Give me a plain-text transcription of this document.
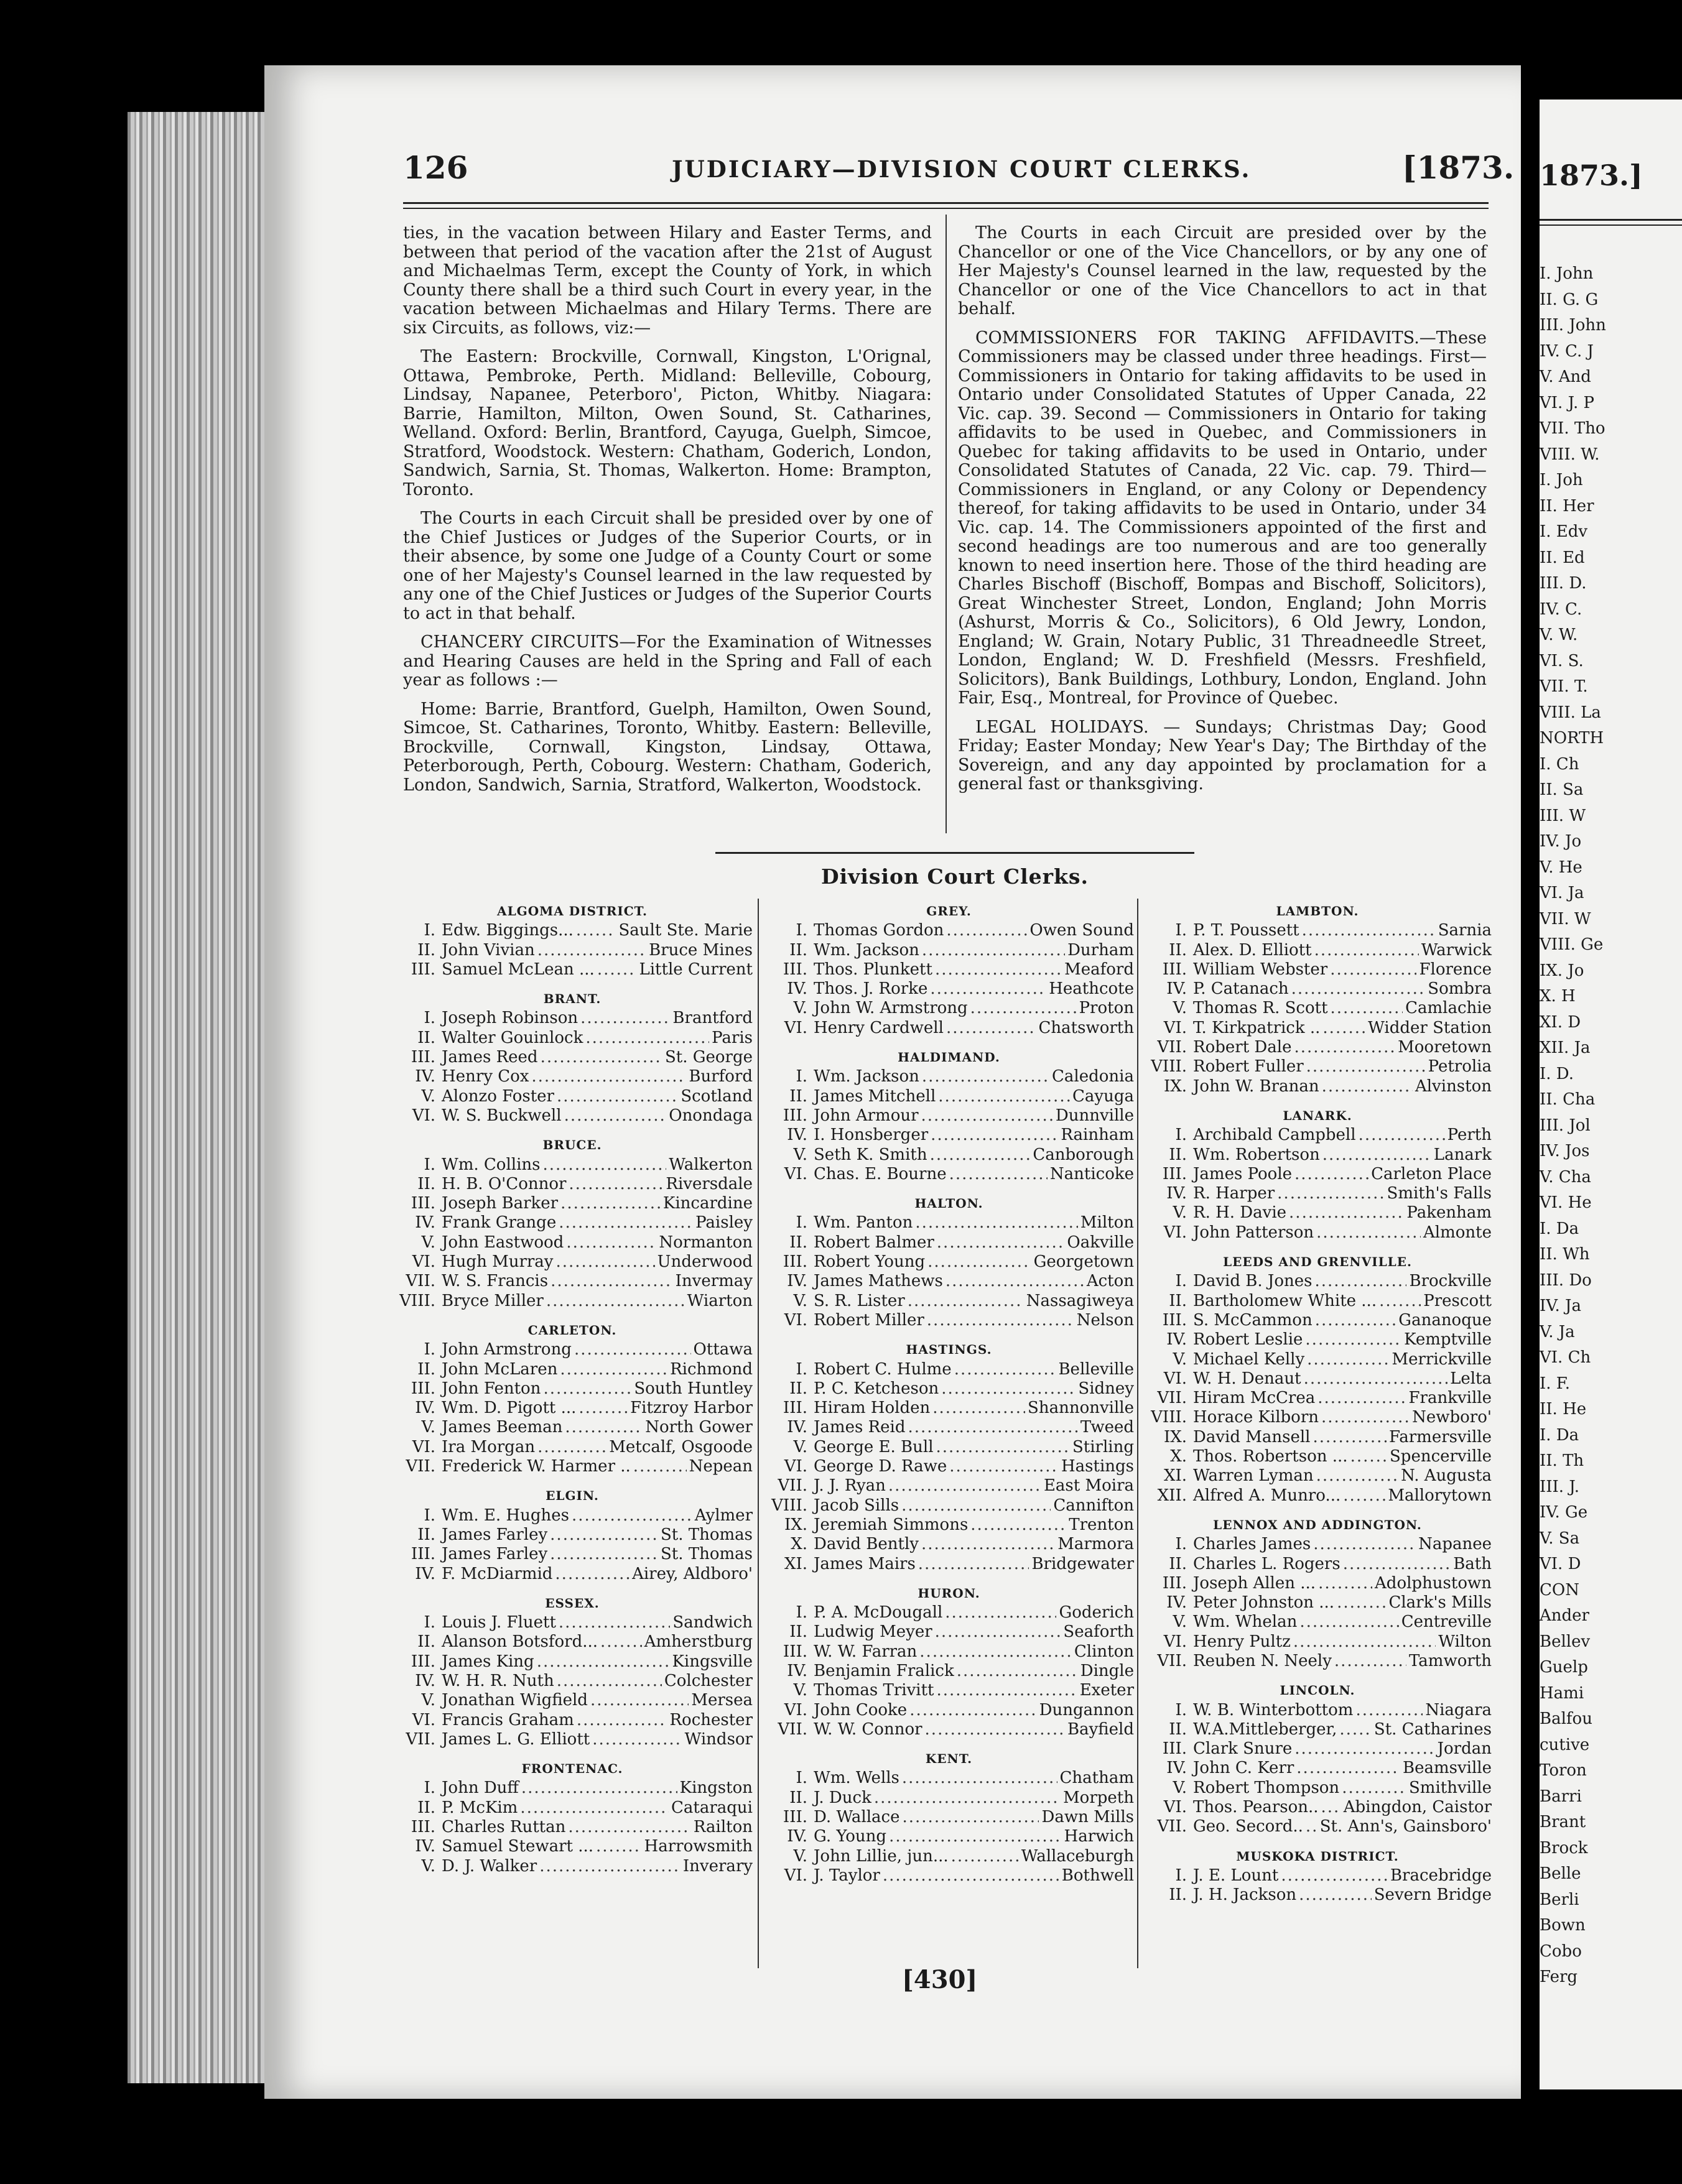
126	JUDICIARY—DIVISION COURT CLERKS.	[1873.

ties, in the vacation between Hilary and Easter Terms, and between that period of the vacation after the 21st of August and Michaelmas Term, except the County of York, in which County there shall be a third such Court in every year, in the vacation between Michaelmas and Hilary Terms. There are six Circuits, as follows, viz:—

The Eastern: Brockville, Cornwall, Kingston, L'Orignal, Ottawa, Pembroke, Perth. Midland: Belleville, Cobourg, Lindsay, Napanee, Peterboro', Picton, Whitby. Niagara: Barrie, Hamilton, Milton, Owen Sound, St. Catharines, Welland. Oxford: Berlin, Brantford, Cayuga, Guelph, Simcoe, Stratford, Woodstock. Western: Chatham, Goderich, London, Sandwich, Sarnia, St. Thomas, Walkerton. Home: Brampton, Toronto.

The Courts in each Circuit shall be presided over by one of the Chief Justices or Judges of the Superior Courts, or in their absence, by some one Judge of a County Court or some one of her Majesty's Counsel learned in the law requested by any one of the Chief Justices or Judges of the Superior Courts to act in that behalf.

CHANCERY CIRCUITS—For the Examination of Witnesses and Hearing Causes are held in the Spring and Fall of each year as follows :—

Home: Barrie, Brantford, Guelph, Hamilton, Owen Sound, Simcoe, St. Catharines, Toronto, Whitby. Eastern: Belleville, Brockville, Cornwall, Kingston, Lindsay, Ottawa, Peterborough, Perth, Cobourg. Western: Chatham, Goderich, London, Sandwich, Sarnia, Stratford, Walkerton, Woodstock.

The Courts in each Circuit are presided over by the Chancellor or one of the Vice Chancellors, or by any one of Her Majesty's Counsel learned in the law, requested by the Chancellor or one of the Vice Chancellors to act in that behalf.

COMMISSIONERS FOR TAKING AFFIDAVITS.—These Commissioners may be classed under three headings. First—Commissioners in Ontario for taking affidavits to be used in Ontario under Consolidated Statutes of Upper Canada, 22 Vic. cap. 39. Second — Commissioners in Ontario for taking affidavits to be used in Quebec, and Commissioners in Quebec for taking affidavits to be used in Ontario, under Consolidated Statutes of Canada, 22 Vic. cap. 79. Third—Commissioners in England, or any Colony or Dependency thereof, for taking affidavits to be used in Ontario, under 34 Vic. cap. 14. The Commissioners appointed of the first and second headings are too numerous and are too generally known to need insertion here. Those of the third heading are Charles Bischoff (Bischoff, Bompas and Bischoff, Solicitors), Great Winchester Street, London, England; John Morris (Ashurst, Morris & Co., Solicitors), 6 Old Jewry, London, England; W. Grain, Notary Public, 31 Threadneedle Street, London, England; W. D. Freshfield (Messrs. Freshfield, Solicitors), Bank Buildings, Lothbury, London, England. John Fair, Esq., Montreal, for Province of Quebec.

LEGAL HOLIDAYS. — Sundays; Christmas Day; Good Friday; Easter Monday; New Year's Day; The Birthday of the Sovereign, and any day appointed by proclamation for a general fast or thanksgiving.

Division Court Clerks.
ALGOMA DISTRICT.
I. Edw. Biggings... .....	Sault Ste. Marie
II. John Vivian .....	Bruce Mines
III. Samuel McLean ... .....	Little Current
BRANT.
I. Joseph Robinson .....	Brantford
II. Walter Gouinlock .....	Paris
III. James Reed .....	St. George
IV. Henry Cox .....	Burford
V. Alonzo Foster .....	Scotland
VI. W. S. Buckwell .....	Onondaga
BRUCE.
I. Wm. Collins .....	Walkerton
II. H. B. O'Connor .....	Riversdale
III. Joseph Barker .....	Kincardine
IV. Frank Grange .....	Paisley
V. John Eastwood .....	Normanton
VI. Hugh Murray .....	Underwood
VII. W. S. Francis .....	Invermay
VIII. Bryce Miller .....	Wiarton
CARLETON.
I. John Armstrong .....	Ottawa
II. John McLaren .....	Richmond
III. John Fenton .....	South Huntley
IV. Wm. D. Pigott ... .....	Fitzroy Harbor
V. James Beeman .....	North Gower
VI. Ira Morgan .....	Metcalf, Osgoode
VII. Frederick W. Harmer .. .....	Nepean
ELGIN.
I. Wm. E. Hughes .....	Aylmer
II. James Farley .....	St. Thomas
III. James Farley .....	St. Thomas
IV. F. McDiarmid .....	Airey, Aldboro'
ESSEX.
I. Louis J. Fluett .....	Sandwich
II. Alanson Botsford... .....	Amherstburg
III. James King .....	Kingsville
IV. W. H. R. Nuth .....	Colchester
V. Jonathan Wigfield .....	Mersea
VI. Francis Graham .....	Rochester
VII. James L. G. Elliott .....	Windsor
FRONTENAC.
I. John Duff .....	Kingston
II. P. McKim .....	Cataraqui
III. Charles Ruttan .....	Railton
IV. Samuel Stewart ... .....	Harrowsmith
V. D. J. Walker .....	Inverary
GREY.
I. Thomas Gordon .....	Owen Sound
II. Wm. Jackson .....	Durham
III. Thos. Plunkett .....	Meaford
IV. Thos. J. Rorke .....	Heathcote
V. John W. Armstrong .....	Proton
VI. Henry Cardwell .....	Chatsworth
HALDIMAND.
I. Wm. Jackson .....	Caledonia
II. James Mitchell .....	Cayuga
III. John Armour .....	Dunnville
IV. I. Honsberger .....	Rainham
V. Seth K. Smith .....	Canborough
VI. Chas. E. Bourne .....	Nanticoke
HALTON.
I. Wm. Panton .....	Milton
II. Robert Balmer .....	Oakville
III. Robert Young .....	Georgetown
IV. James Mathews .....	Acton
V. S. R. Lister .....	Nassagiweya
VI. Robert Miller .....	Nelson
HASTINGS.
I. Robert C. Hulme .....	Belleville
II. P. C. Ketcheson .....	Sidney
III. Hiram Holden .....	Shannonville
IV. James Reid .....	Tweed
V. George E. Bull .....	Stirling
VI. George D. Rawe .....	Hastings
VII. J. J. Ryan .....	East Moira
VIII. Jacob Sills .....	Cannifton
IX. Jeremiah Simmons .....	Trenton
X. David Bently .....	Marmora
XI. James Mairs .....	Bridgewater
HURON.
I. P. A. McDougall .....	Goderich
II. Ludwig Meyer .....	Seaforth
III. W. W. Farran .....	Clinton
IV. Benjamin Fralick .....	Dingle
V. Thomas Trivitt .....	Exeter
VI. John Cooke .....	Dungannon
VII. W. W. Connor .....	Bayfield
KENT.
I. Wm. Wells .....	Chatham
II. J. Duck .....	Morpeth
III. D. Wallace .....	Dawn Mills
IV. G. Young .....	Harwich
V. John Lillie, jun... .....	Wallaceburgh
VI. J. Taylor .....	Bothwell
LAMBTON.
I. P. T. Poussett .....	Sarnia
II. Alex. D. Elliott .....	Warwick
III. William Webster .....	Florence
IV. P. Catanach .....	Sombra
V. Thomas R. Scott .....	Camlachie
VI. T. Kirkpatrick .. .....	Widder Station
VII. Robert Dale .....	Mooretown
VIII. Robert Fuller .....	Petrolia
IX. John W. Branan .....	Alvinston
LANARK.
I. Archibald Campbell .....	Perth
II. Wm. Robertson .....	Lanark
III. James Poole .....	Carleton Place
IV. R. Harper .....	Smith's Falls
V. R. H. Davie .....	Pakenham
VI. John Patterson .....	Almonte
LEEDS AND GRENVILLE.
I. David B. Jones .....	Brockville
II. Bartholomew White ... .....	Prescott
III. S. McCammon .....	Gananoque
IV. Robert Leslie .....	Kemptville
V. Michael Kelly .....	Merrickville
VI. W. H. Denaut .....	Lelta
VII. Hiram McCrea .....	Frankville
VIII. Horace Kilborn .....	Newboro'
IX. David Mansell .....	Farmersville
X. Thos. Robertson ... .....	Spencerville
XI. Warren Lyman .....	N. Augusta
XII. Alfred A. Munro... .....	Mallorytown
LENNOX AND ADDINGTON.
I. Charles James .....	Napanee
II. Charles L. Rogers .....	Bath
III. Joseph Allen ... .....	Adolphustown
IV. Peter Johnston ... .....	Clark's Mills
V. Wm. Whelan .....	Centreville
VI. Henry Pultz .....	Wilton
VII. Reuben N. Neely .....	Tamworth
LINCOLN.
I. W. B. Winterbottom .....	Niagara
II. W.A.Mittleberger, ..... St. Catharines
III. Clark Snure .....	Jordan
IV. John C. Kerr .....	Beamsville
V. Robert Thompson .....	Smithville
VI. Thos. Pearson.. ..... Abingdon, Caistor
VII. Geo. Secord.. ..... St. Ann's, Gainsboro'
MUSKOKA DISTRICT.
I. J. E. Lount .....	Bracebridge
II. J. H. Jackson .....	Severn Bridge
[430]
1873.]
I. John
II. G. G
III. John
IV. C. J
V. And
VI. J. P
VII. Tho
VIII. W.
I. Joh
II. Her
I. Edv
II. Ed
III. D.
IV. C.
V. W.
VI. S.
VII. T.
VIII. La
NORTH
I. Ch
II. Sa
III. W
IV. Jo
V. He
VI. Ja
VII. W
VIII. Ge
IX. Jo
X. H
XI. D
XII. Ja
I. D.
II. Cha
III. Jol
IV. Jos
V. Cha
VI. He
I. Da
II. Wh
III. Do
IV. Ja
V. Ja
VI. Ch
I. F.
II. He
I. Da
II. Th
III. J.
IV. Ge
V. Sa
VI. D
CON
Ander
Bellev
Guelp
Hami
Balfou
cutive
Toron
Barri
Brant
Brock
Belle
Berli
Bown
Cobo
Ferg
